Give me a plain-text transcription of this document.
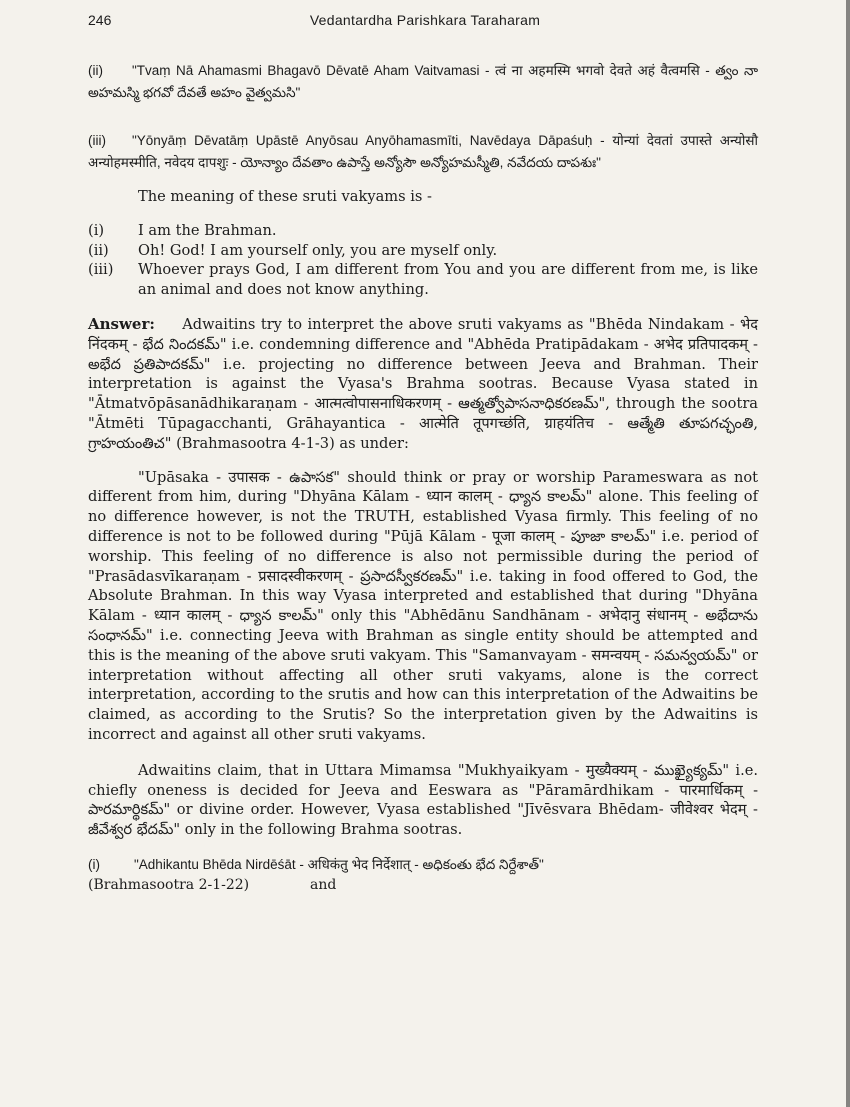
246	Vedantardha Parishkara Taraharam

(ii) "Tvaṃ Nā Ahamasmi Bhagavō Dēvatē Aham Vaitvamasi - त्वं ना अहमस्मि भगवो देवते अहं वैत्वमसि - త్వం నా అహమస్మి భగవో దేవతే అహం వైత్వమసి"

(iii) "Yōnyāṃ Dēvatāṃ Upāstē Anyōsau Anyōhamasmīti, Navēdaya Dāpaśuḥ - योन्यां देवतां उपास्ते अन्योसौ अन्योहमस्मीति, नवेदय दापशुः - యోన్యాం దేవతాం ఉపాస్తే అన్యోసౌ అన్యోహమస్మీతి, నవేదయ దాపశుః"

The meaning of these sruti vakyams is -

(i)	I am the Brahman.
(ii)	Oh! God! I am yourself only, you are myself only.
(iii)	Whoever prays God, I am different from You and you are different from me, is like an animal and does not know anything.

Answer: Adwaitins try to interpret the above sruti vakyams as "Bhēda Nindakam - भेद निंदकम् - భేద నిందకమ్" i.e. condemning difference and "Abhēda Pratipādakam - अभेद प्रतिपादकम् - అభేద ప్రతిపాదకమ్" i.e. projecting no difference between Jeeva and Brahman. Their interpretation is against the Vyasa's Brahma sootras. Because Vyasa stated in "Ātmatvōpāsanādhikaraṇam - आत्मत्वोपासनाधिकरणम् - ఆత్మత్వోపాసనాధికరణమ్", through the sootra "Ātmēti Tūpagacchanti, Grāhayantica - आत्मेति तूपगच्छंति, ग्राहयंतिच - ఆత్మేతి తూపగచ్ఛంతి, గ్రాహయంతిచ" (Brahmasootra 4-1-3) as under:

"Upāsaka - उपासक - ఉపాసక" should think or pray or worship Parameswara as not different from him, during "Dhyāna Kālam - ध्यान कालम् - ధ్యాన కాలమ్" alone. This feeling of no difference however, is not the TRUTH, established Vyasa firmly. This feeling of no difference is not to be followed during "Pūjā Kālam - पूजा कालम् - పూజా కాలమ్" i.e. period of worship. This feeling of no difference is also not permissible during the period of "Prasādasvīkaraṇam - प्रसादस्वीकरणम् - ప్రసాదస్వీకరణమ్" i.e. taking in food offered to God, the Absolute Brahman. In this way Vyasa interpreted and established that during "Dhyāna Kālam - ध्यान कालम् - ధ్యాన కాలమ్" only this "Abhēdānu Sandhānam - अभेदानु संधानम् - అభేదాను సంధానమ్" i.e. connecting Jeeva with Brahman as single entity should be attempted and this is the meaning of the above sruti vakyam. This "Samanvayam - समन्वयम् - సమన్వయమ్" or interpretation without affecting all other sruti vakyams, alone is the correct interpretation, according to the srutis and how can this interpretation of the Adwaitins be claimed, as according to the Srutis? So the interpretation given by the Adwaitins is incorrect and against all other sruti vakyams.

Adwaitins claim, that in Uttara Mimamsa "Mukhyaikyam - मुख्यैक्यम् - ముఖ్యైక్యమ్" i.e. chiefly oneness is decided for Jeeva and Eeswara as "Pāramārdhikam - पारमार्धिकम् - పారమార్థికమ్" or divine order. However, Vyasa established "Jīvēsvara Bhēdam- जीवेश्वर भेदम् - జీవేశ్వర భేదమ్" only in the following Brahma sootras.

(i)	"Adhikantu Bhēda Nirdēśāt - अधिकंतु भेद निर्देशात् - అధికంతు భేద నిర్దేశాత్"
(Brahmasootra 2-1-22)	and
